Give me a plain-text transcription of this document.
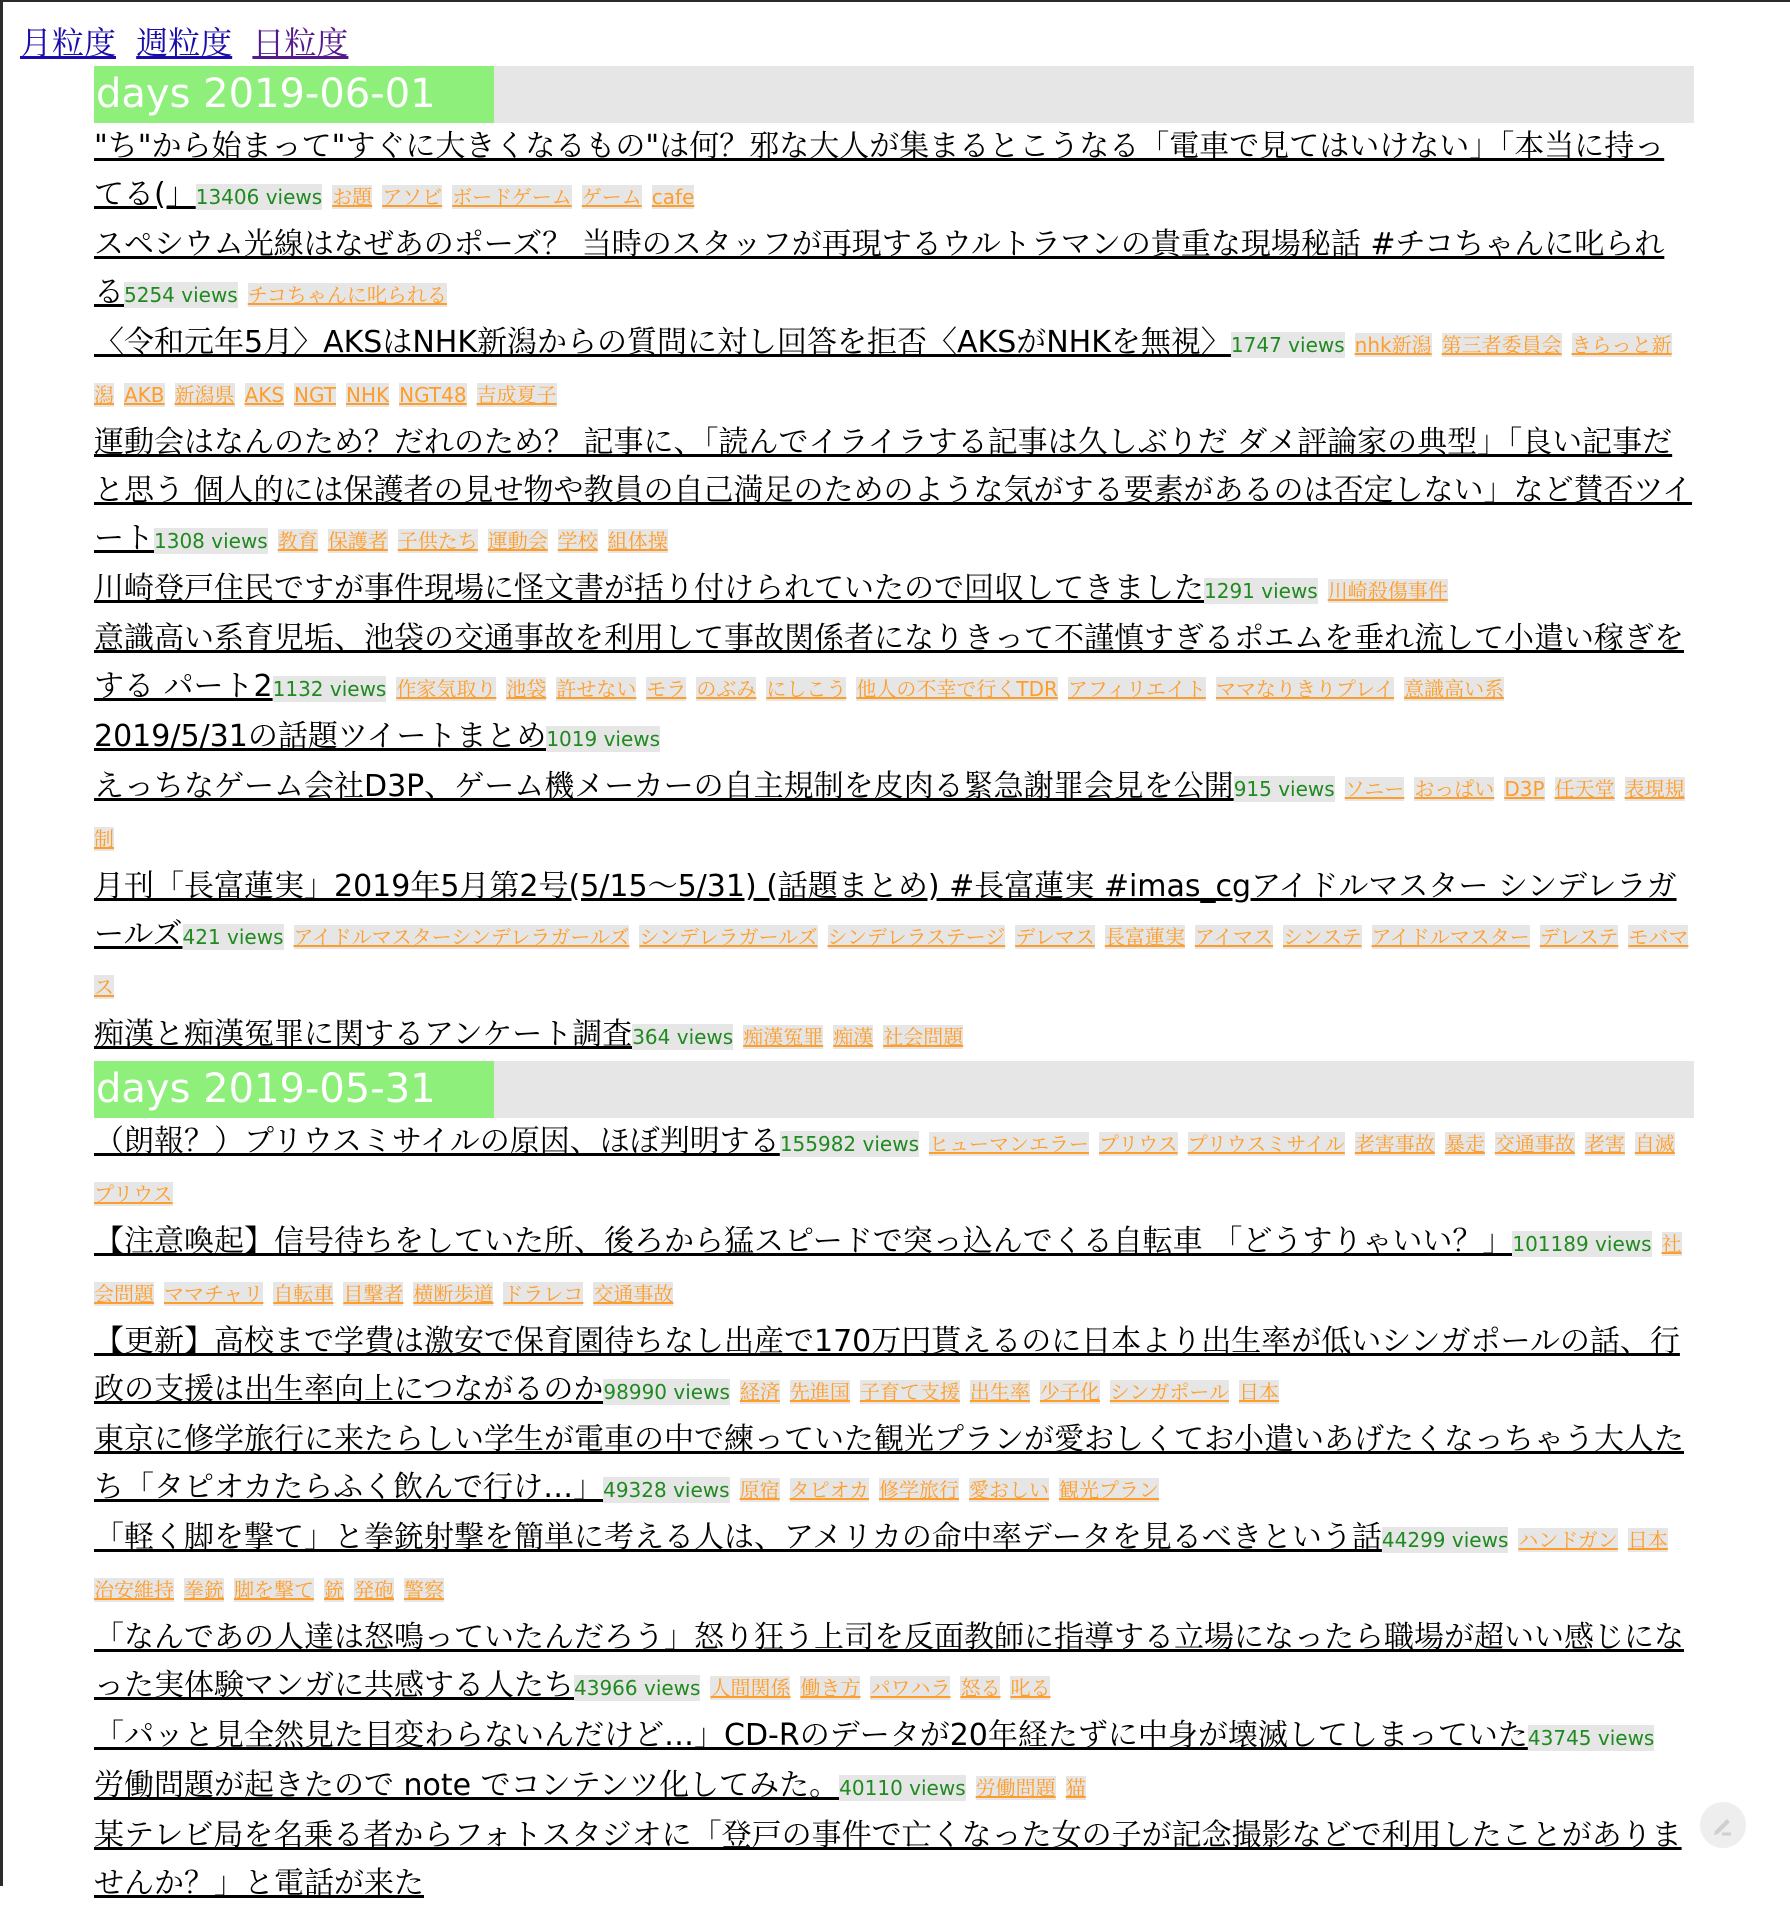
月粒度 週粒度 日粒度
days 2019-06-01
"ち"から始まって"すぐに大きくなるもの"は何？邪な大人が集まるとこうなる「電車で見てはいけない」「本当に持ってる(」13406 views お題 アソビ ボードゲーム ゲーム cafe
スペシウム光線はなぜあのポーズ？ 当時のスタッフが再現するウルトラマンの貴重な現場秘話 #チコちゃんに叱られる5254 views チコちゃんに叱られる
〈令和元年5月〉AKSはNHK新潟からの質問に対し回答を拒否〈AKSがNHKを無視〉1747 views nhk新潟 第三者委員会 きらっと新潟 AKB 新潟県 AKS NGT NHK NGT48 吉成夏子
運動会はなんのため？だれのため？ 記事に、「読んでイライラする記事は久しぶりだ ダメ評論家の典型」「良い記事だと思う 個人的には保護者の見せ物や教員の自己満足のためのような気がする要素があるのは否定しない」など賛否ツイート1308 views 教育 保護者 子供たち 運動会 学校 組体操
川崎登戸住民ですが事件現場に怪文書が括り付けられていたので回収してきました1291 views 川崎殺傷事件
意識高い系育児垢、池袋の交通事故を利用して事故関係者になりきって不謹慎すぎるポエムを垂れ流して小遣い稼ぎをする パート21132 views 作家気取り 池袋 許せない モラ のぶみ にしこう 他人の不幸で行くTDR アフィリエイト ママなりきりプレイ 意識高い系
2019/5/31の話題ツイートまとめ1019 views
えっちなゲーム会社D3P、ゲーム機メーカーの自主規制を皮肉る緊急謝罪会見を公開915 views ソニー おっぱい D3P 任天堂 表現規制
月刊「長富蓮実」2019年5月第2号(5/15〜5/31) (話題まとめ) #長富蓮実 #imas_cgアイドルマスター シンデレラガールズ421 views アイドルマスターシンデレラガールズ シンデレラガールズ シンデレラステージ デレマス 長富蓮実 アイマス シンステ アイドルマスター デレステ モバマス
痴漢と痴漢冤罪に関するアンケート調査364 views 痴漢冤罪 痴漢 社会問題
days 2019-05-31
（朗報？）プリウスミサイルの原因、ほぼ判明する155982 views ヒューマンエラー プリウス プリウスミサイル 老害事故 暴走 交通事故 老害 自滅プリウス
【注意喚起】信号待ちをしていた所、後ろから猛スピードで突っ込んでくる自転車 「どうすりゃいい？」101189 views 社会問題 ママチャリ 自転車 目撃者 横断歩道 ドラレコ 交通事故
【更新】高校まで学費は激安で保育園待ちなし出産で170万円貰えるのに日本より出生率が低いシンガポールの話、行政の支援は出生率向上につながるのか98990 views 経済 先進国 子育て支援 出生率 少子化 シンガポール 日本
東京に修学旅行に来たらしい学生が電車の中で練っていた観光プランが愛おしくてお小遣いあげたくなっちゃう大人たち「タピオカたらふく飲んで行け…」49328 views 原宿 タピオカ 修学旅行 愛おしい 観光プラン
「軽く脚を撃て」と拳銃射撃を簡単に考える人は、アメリカの命中率データを見るべきという話44299 views ハンドガン 日本治安維持 拳銃 脚を撃て 銃 発砲 警察
「なんであの人達は怒鳴っていたんだろう」怒り狂う上司を反面教師に指導する立場になったら職場が超いい感じになった実体験マンガに共感する人たち43966 views 人間関係 働き方 パワハラ 怒る 叱る
「パッと見全然見た目変わらないんだけど…」CD-Rのデータが20年経たずに中身が壊滅してしまっていた43745 views
労働問題が起きたので note でコンテンツ化してみた。40110 views 労働問題 猫
某テレビ局を名乗る者からフォトスタジオに「登戸の事件で亡くなった女の子が記念撮影などで利用したことがありませんか？」と電話が来た
